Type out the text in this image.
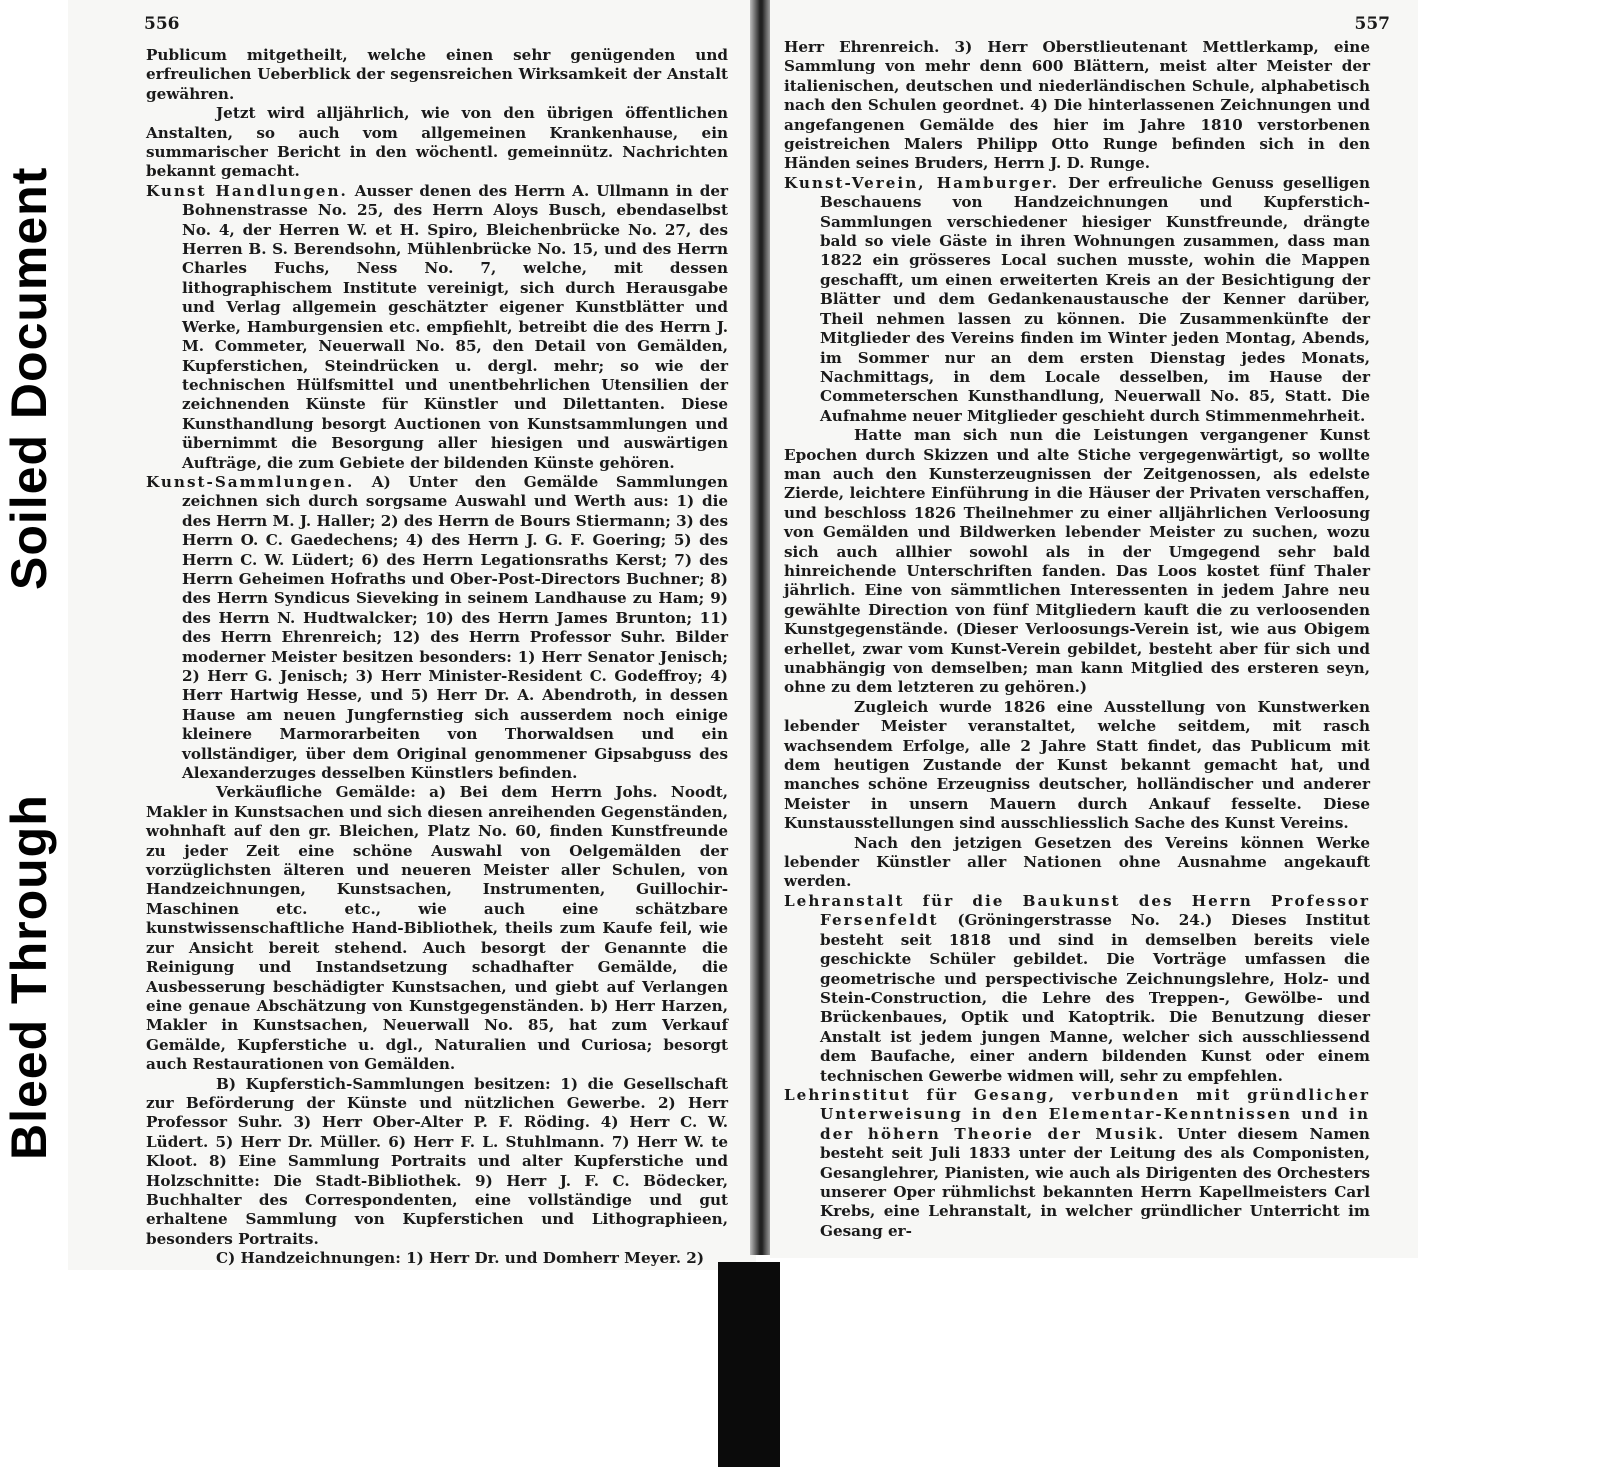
Soiled Document
Bleed Through
556

Publicum mitgetheilt, welche einen sehr genügenden und erfreulichen Ueberblick der segensreichen Wirksamkeit der Anstalt gewähren.

Jetzt wird alljährlich, wie von den übrigen öffentlichen Anstalten, so auch vom allgemeinen Krankenhause, ein summarischer Bericht in den wöchentl. gemeinnütz. Nachrichten bekannt gemacht.

Kunst Handlungen. Ausser denen des Herrn A. Ullmann in der Bohnenstrasse No. 25, des Herrn Aloys Busch, ebendaselbst No. 4, der Herren W. et H. Spiro, Bleichenbrücke No. 27, des Herren B. S. Berendsohn, Mühlenbrücke No. 15, und des Herrn Charles Fuchs, Ness No. 7, welche, mit dessen lithographischem Institute vereinigt, sich durch Herausgabe und Verlag allgemein geschätzter eigener Kunstblätter und Werke, Hamburgensien etc. empfiehlt, betreibt die des Herrn J. M. Commeter, Neuerwall No. 85, den Detail von Gemälden, Kupferstichen, Steindrücken u. dergl. mehr; so wie der technischen Hülfsmittel und unentbehrlichen Utensilien der zeichnenden Künste für Künstler und Dilettanten. Diese Kunsthandlung besorgt Auctionen von Kunstsammlungen und übernimmt die Besorgung aller hiesigen und auswärtigen Aufträge, die zum Gebiete der bildenden Künste gehören.

Kunst-Sammlungen. A) Unter den Gemälde Sammlungen zeichnen sich durch sorgsame Auswahl und Werth aus: 1) die des Herrn M. J. Haller; 2) des Herrn de Bours Stiermann; 3) des Herrn O. C. Gaedechens; 4) des Herrn J. G. F. Goering; 5) des Herrn C. W. Lüdert; 6) des Herrn Legationsraths Kerst; 7) des Herrn Geheimen Hofraths und Ober-Post-Directors Buchner; 8) des Herrn Syndicus Sieveking in seinem Landhause zu Ham; 9) des Herrn N. Hudtwalcker; 10) des Herrn James Brunton; 11) des Herrn Ehrenreich; 12) des Herrn Professor Suhr. Bilder moderner Meister besitzen besonders: 1) Herr Senator Jenisch; 2) Herr G. Jenisch; 3) Herr Minister-Resident C. Godeffroy; 4) Herr Hartwig Hesse, und 5) Herr Dr. A. Abendroth, in dessen Hause am neuen Jungfernstieg sich ausserdem noch einige kleinere Marmorarbeiten von Thorwaldsen und ein vollständiger, über dem Original genommener Gipsabguss des Alexanderzuges desselben Künstlers befinden.

Verkäufliche Gemälde: a) Bei dem Herrn Johs. Noodt, Makler in Kunstsachen und sich diesen anreihenden Gegenständen, wohnhaft auf den gr. Bleichen, Platz No. 60, finden Kunstfreunde zu jeder Zeit eine schöne Auswahl von Oelgemälden der vorzüglichsten älteren und neueren Meister aller Schulen, von Handzeichnungen, Kunstsachen, Instrumenten, Guillochir-Maschinen etc. etc., wie auch eine schätzbare kunstwissenschaftliche Hand-Bibliothek, theils zum Kaufe feil, wie zur Ansicht bereit stehend. Auch besorgt der Genannte die Reinigung und Instandsetzung schadhafter Gemälde, die Ausbesserung beschädigter Kunstsachen, und giebt auf Verlangen eine genaue Abschätzung von Kunstgegenständen. b) Herr Harzen, Makler in Kunstsachen, Neuerwall No. 85, hat zum Verkauf Gemälde, Kupferstiche u. dgl., Naturalien und Curiosa; besorgt auch Restaurationen von Gemälden.

B) Kupferstich-Sammlungen besitzen: 1) die Gesellschaft zur Beförderung der Künste und nützlichen Gewerbe. 2) Herr Professor Suhr. 3) Herr Ober-Alter P. F. Röding. 4) Herr C. W. Lüdert. 5) Herr Dr. Müller. 6) Herr F. L. Stuhlmann. 7) Herr W. te Kloot. 8) Eine Sammlung Portraits und alter Kupferstiche und Holzschnitte: Die Stadt-Bibliothek. 9) Herr J. F. C. Bödecker, Buchhalter des Correspondenten, eine vollständige und gut erhaltene Sammlung von Kupferstichen und Lithographieen, besonders Portraits.

C) Handzeichnungen: 1) Herr Dr. und Domherr Meyer. 2)

557

Herr Ehrenreich. 3) Herr Oberstlieutenant Mettlerkamp, eine Sammlung von mehr denn 600 Blättern, meist alter Meister der italienischen, deutschen und niederländischen Schule, alphabetisch nach den Schulen geordnet. 4) Die hinterlassenen Zeichnungen und angefangenen Gemälde des hier im Jahre 1810 verstorbenen geistreichen Malers Philipp Otto Runge befinden sich in den Händen seines Bruders, Herrn J. D. Runge.

Kunst-Verein, Hamburger. Der erfreuliche Genuss geselligen Beschauens von Handzeichnungen und Kupferstich-Sammlungen verschiedener hiesiger Kunstfreunde, drängte bald so viele Gäste in ihren Wohnungen zusammen, dass man 1822 ein grösseres Local suchen musste, wohin die Mappen geschafft, um einen erweiterten Kreis an der Besichtigung der Blätter und dem Gedankenaustausche der Kenner darüber, Theil nehmen lassen zu können. Die Zusammenkünfte der Mitglieder des Vereins finden im Winter jeden Montag, Abends, im Sommer nur an dem ersten Dienstag jedes Monats, Nachmittags, in dem Locale desselben, im Hause der Commeterschen Kunsthandlung, Neuerwall No. 85, Statt. Die Aufnahme neuer Mitglieder geschieht durch Stimmenmehrheit.

Hatte man sich nun die Leistungen vergangener Kunst Epochen durch Skizzen und alte Stiche vergegenwärtigt, so wollte man auch den Kunsterzeugnissen der Zeitgenossen, als edelste Zierde, leichtere Einführung in die Häuser der Privaten verschaffen, und beschloss 1826 Theilnehmer zu einer alljährlichen Verloosung von Gemälden und Bildwerken lebender Meister zu suchen, wozu sich auch allhier sowohl als in der Umgegend sehr bald hinreichende Unterschriften fanden. Das Loos kostet fünf Thaler jährlich. Eine von sämmtlichen Interessenten in jedem Jahre neu gewählte Direction von fünf Mitgliedern kauft die zu verloosenden Kunstgegenstände. (Dieser Verloosungs-Verein ist, wie aus Obigem erhellet, zwar vom Kunst-Verein gebildet, besteht aber für sich und unabhängig von demselben; man kann Mitglied des ersteren seyn, ohne zu dem letzteren zu gehören.)

Zugleich wurde 1826 eine Ausstellung von Kunstwerken lebender Meister veranstaltet, welche seitdem, mit rasch wachsendem Erfolge, alle 2 Jahre Statt findet, das Publicum mit dem heutigen Zustande der Kunst bekannt gemacht hat, und manches schöne Erzeugniss deutscher, holländischer und anderer Meister in unsern Mauern durch Ankauf fesselte. Diese Kunstausstellungen sind ausschliesslich Sache des Kunst Vereins.

Nach den jetzigen Gesetzen des Vereins können Werke lebender Künstler aller Nationen ohne Ausnahme angekauft werden.

Lehranstalt für die Baukunst des Herrn Professor Fersenfeldt (Gröningerstrasse No. 24.) Dieses Institut besteht seit 1818 und sind in demselben bereits viele geschickte Schüler gebildet. Die Vorträge umfassen die geometrische und perspectivische Zeichnungslehre, Holz- und Stein-Construction, die Lehre des Treppen-, Gewölbe- und Brückenbaues, Optik und Katoptrik. Die Benutzung dieser Anstalt ist jedem jungen Manne, welcher sich ausschliessend dem Baufache, einer andern bildenden Kunst oder einem technischen Gewerbe widmen will, sehr zu empfehlen.

Lehrinstitut für Gesang, verbunden mit gründlicher Unterweisung in den Elementar-Kenntnissen und in der höhern Theorie der Musik. Unter diesem Namen besteht seit Juli 1833 unter der Leitung des als Componisten, Gesanglehrer, Pianisten, wie auch als Dirigenten des Orchesters unserer Oper rühmlichst bekannten Herrn Kapellmeisters Carl Krebs, eine Lehranstalt, in welcher gründlicher Unterricht im Gesang er-
